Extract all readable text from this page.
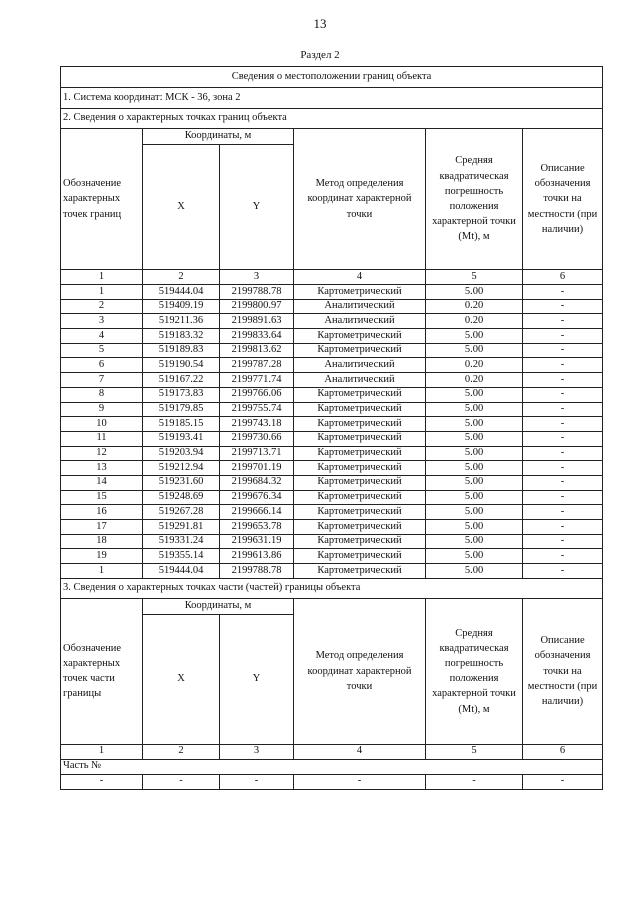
13
Раздел 2
Сведения о местоположении границ объекта					
1. Система координат: МСК - 36, зона 2					
2. Сведения о характерных точках границ объекта					
Обозначение характерных точек границ	Координаты, м		Метод определения координат характерной точки	Средняя квадратическая погрешность положения характерной точки (Mt), м	Описание обозначения точки на местности (при наличии)
	X	Y			
1	2	3	4	5	6
1	519444.04	2199788.78	Картометрический	5.00	-
2	519409.19	2199800.97	Аналитический	0.20	-
3	519211.36	2199891.63	Аналитический	0.20	-
4	519183.32	2199833.64	Картометрический	5.00	-
5	519189.83	2199813.62	Картометрический	5.00	-
6	519190.54	2199787.28	Аналитический	0.20	-
7	519167.22	2199771.74	Аналитический	0.20	-
8	519173.83	2199766.06	Картометрический	5.00	-
9	519179.85	2199755.74	Картометрический	5.00	-
10	519185.15	2199743.18	Картометрический	5.00	-
11	519193.41	2199730.66	Картометрический	5.00	-
12	519203.94	2199713.71	Картометрический	5.00	-
13	519212.94	2199701.19	Картометрический	5.00	-
14	519231.60	2199684.32	Картометрический	5.00	-
15	519248.69	2199676.34	Картометрический	5.00	-
16	519267.28	2199666.14	Картометрический	5.00	-
17	519291.81	2199653.78	Картометрический	5.00	-
18	519331.24	2199631.19	Картометрический	5.00	-
19	519355.14	2199613.86	Картометрический	5.00	-
1	519444.04	2199788.78	Картометрический	5.00	-
3. Сведения о характерных точках части (частей) границы объекта					
Обозначение характерных точек части границы	Координаты, м		Метод определения координат характерной точки	Средняя квадратическая погрешность положения характерной точки (Mt), м	Описание обозначения точки на местности (при наличии)
	X	Y			
1	2	3	4	5	6
Часть №					
-	-	-	-	-	-
